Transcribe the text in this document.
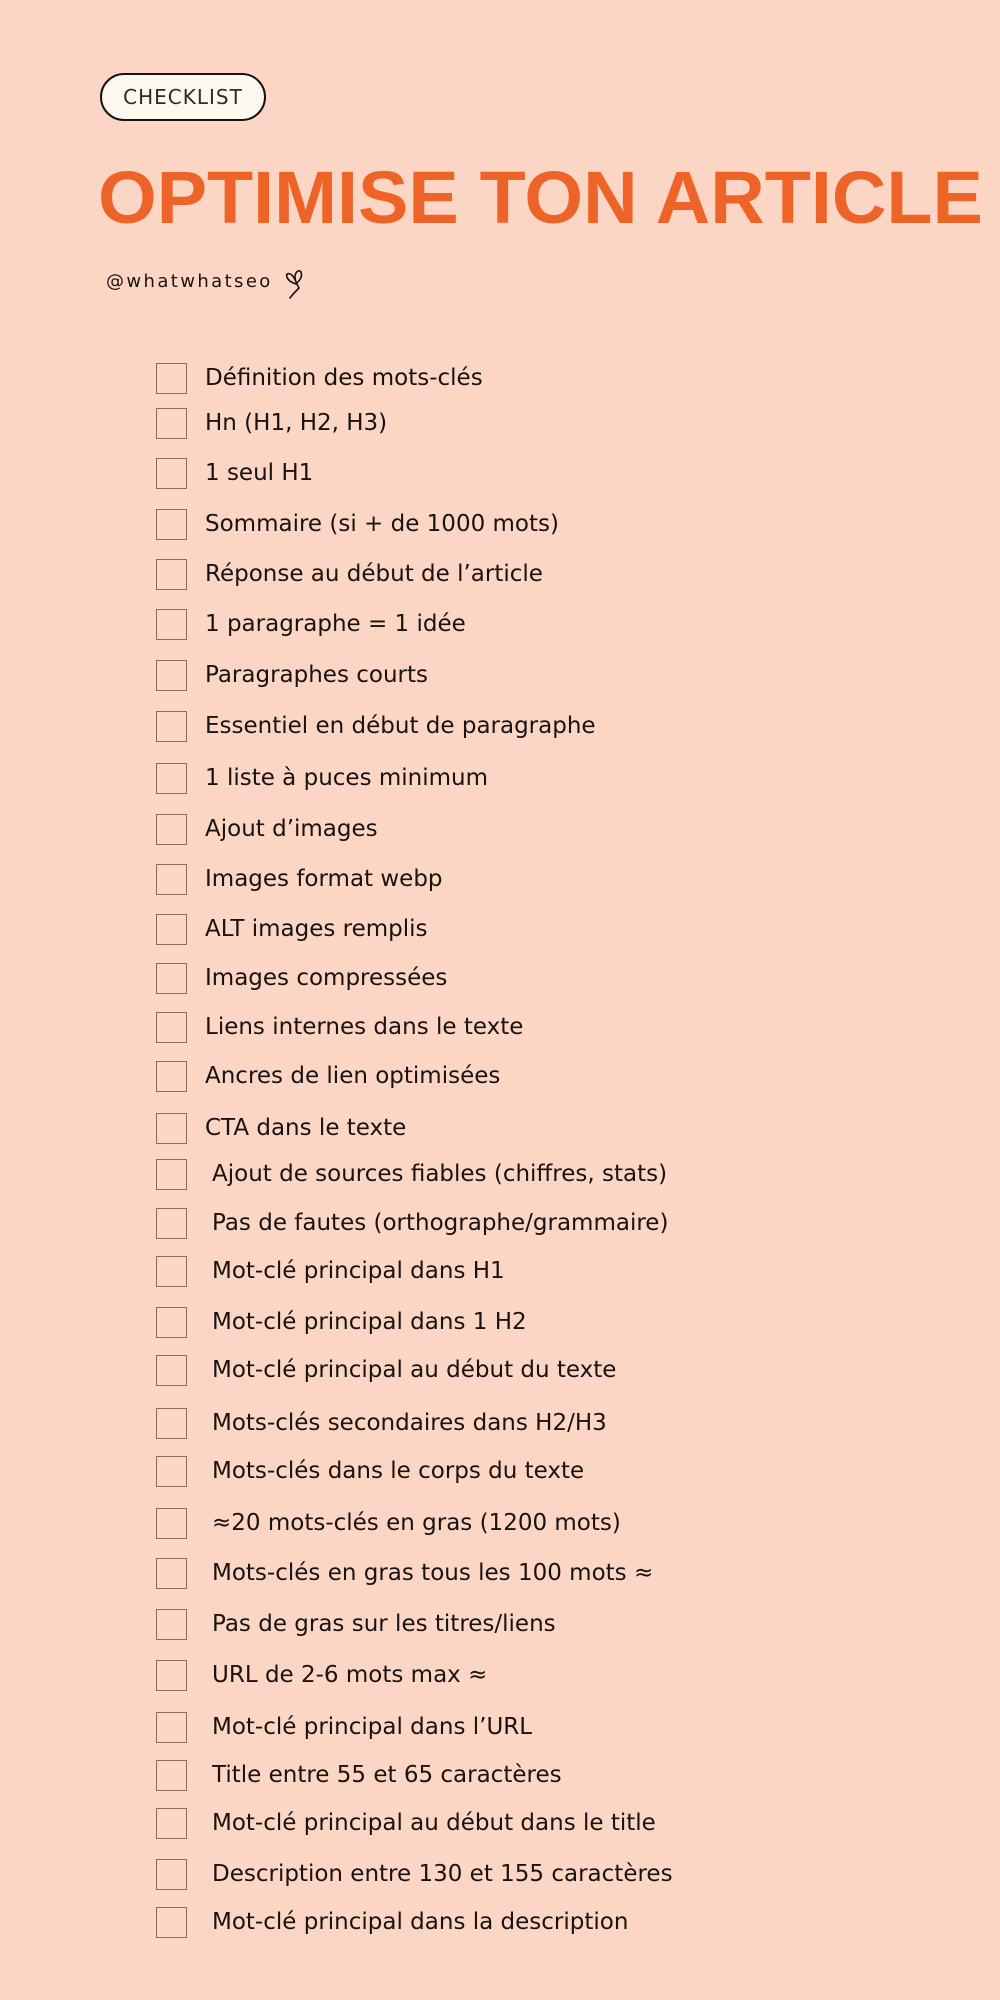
CHECKLIST
OPTIMISE TON ARTICLE
@whatwhatseo
Définition des mots-clés
Hn (H1, H2, H3)
1 seul H1
Sommaire (si + de 1000 mots)
Réponse au début de l’article
1 paragraphe = 1 idée
Paragraphes courts
Essentiel en début de paragraphe
1 liste à puces minimum
Ajout d’images
Images format webp
ALT images remplis
Images compressées
Liens internes dans le texte
Ancres de lien optimisées
CTA dans le texte
Ajout de sources fiables (chiffres, stats)
Pas de fautes (orthographe/grammaire)
Mot-clé principal dans H1
Mot-clé principal dans 1 H2
Mot-clé principal au début du texte
Mots-clés secondaires dans H2/H3
Mots-clés dans le corps du texte
≈20 mots-clés en gras (1200 mots)
Mots-clés en gras tous les 100 mots ≈
Pas de gras sur les titres/liens
URL de 2-6 mots max ≈
Mot-clé principal dans l’URL
Title entre 55 et 65 caractères
Mot-clé principal au début dans le title
Description entre 130 et 155 caractères
Mot-clé principal dans la description
